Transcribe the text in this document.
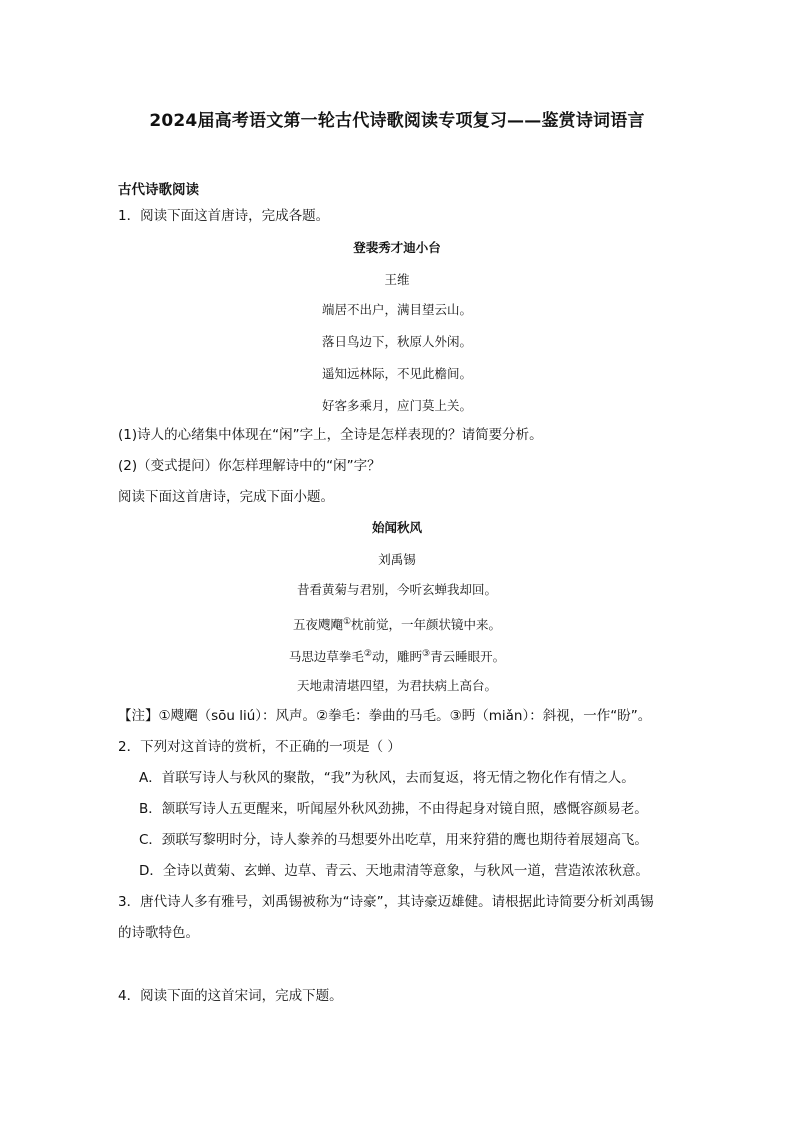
2024届高考语文第一轮古代诗歌阅读专项复习——鉴赏诗词语言
古代诗歌阅读
1．阅读下面这首唐诗，完成各题。
登裴秀才迪小台
王维
端居不出户，满目望云山。
落日鸟边下，秋原人外闲。
遥知远林际，不见此檐间。
好客多乘月，应门莫上关。
(1)诗人的心绪集中体现在“闲”字上，全诗是怎样表现的？请简要分析。
(2)（变式提问）你怎样理解诗中的“闲”字？
阅读下面这首唐诗，完成下面小题。
始闻秋风
刘禹锡
昔看黄菊与君别，今听玄蝉我却回。
五夜飕飗①枕前觉，一年颜状镜中来。
马思边草拳毛②动，雕眄③青云睡眼开。
天地肃清堪四望，为君扶病上高台。
【注】①飕飗（sōu liú）：风声。②拳毛：拳曲的马毛。③眄（miǎn）：斜视，一作“盼”。
2．下列对这首诗的赏析，不正确的一项是（ ）
A．首联写诗人与秋风的聚散，“我”为秋风，去而复返，将无情之物化作有情之人。
B．颔联写诗人五更醒来，听闻屋外秋风劲拂，不由得起身对镜自照，感慨容颜易老。
C．颈联写黎明时分，诗人豢养的马想要外出吃草，用来狩猎的鹰也期待着展翅高飞。
D．全诗以黄菊、玄蝉、边草、青云、天地肃清等意象，与秋风一道，营造浓浓秋意。
3．唐代诗人多有雅号，刘禹锡被称为“诗豪”，其诗豪迈雄健。请根据此诗简要分析刘禹锡
的诗歌特色。
4．阅读下面的这首宋词，完成下题。
